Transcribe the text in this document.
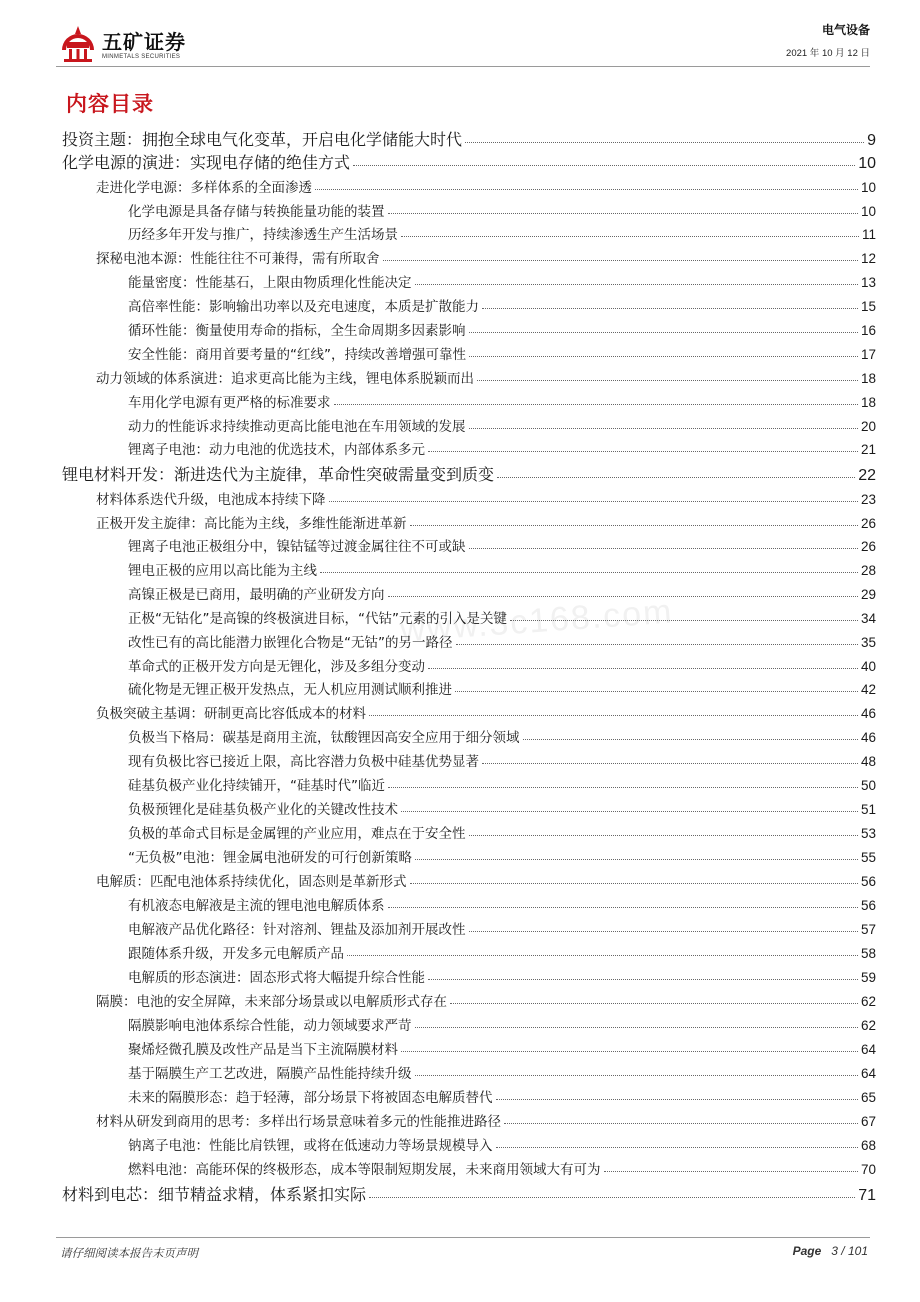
五矿证券
MINMETALS SECURITIES
电气设备
2021 年 10 月 12 日
内容目录
www.3c168.com
投资主题：拥抱全球电气化变革，开启电化学储能大时代	9
化学电源的演进：实现电存储的绝佳方式	10
走进化学电源：多样体系的全面渗透	10
化学电源是具备存储与转换能量功能的装置	10
历经多年开发与推广，持续渗透生产生活场景	11
探秘电池本源：性能往往不可兼得，需有所取舍	12
能量密度：性能基石，上限由物质理化性能决定	13
高倍率性能：影响输出功率以及充电速度，本质是扩散能力	15
循环性能：衡量使用寿命的指标，全生命周期多因素影响	16
安全性能：商用首要考量的“红线”，持续改善增强可靠性	17
动力领域的体系演进：追求更高比能为主线，锂电体系脱颖而出	18
车用化学电源有更严格的标准要求	18
动力的性能诉求持续推动更高比能电池在车用领域的发展	20
锂离子电池：动力电池的优选技术，内部体系多元	21
锂电材料开发：渐进迭代为主旋律，革命性突破需量变到质变	22
材料体系迭代升级，电池成本持续下降	23
正极开发主旋律：高比能为主线，多维性能渐进革新	26
锂离子电池正极组分中，镍钴锰等过渡金属往往不可或缺	26
锂电正极的应用以高比能为主线	28
高镍正极是已商用，最明确的产业研发方向	29
正极“无钴化”是高镍的终极演进目标，“代钴”元素的引入是关键	34
改性已有的高比能潜力嵌锂化合物是“无钴”的另一路径	35
革命式的正极开发方向是无锂化，涉及多组分变动	40
硫化物是无锂正极开发热点，无人机应用测试顺利推进	42
负极突破主基调：研制更高比容低成本的材料	46
负极当下格局：碳基是商用主流，钛酸锂因高安全应用于细分领域	46
现有负极比容已接近上限，高比容潜力负极中硅基优势显著	48
硅基负极产业化持续铺开，“硅基时代”临近	50
负极预锂化是硅基负极产业化的关键改性技术	51
负极的革命式目标是金属锂的产业应用，难点在于安全性	53
“无负极”电池：锂金属电池研发的可行创新策略	55
电解质：匹配电池体系持续优化，固态则是革新形式	56
有机液态电解液是主流的锂电池电解质体系	56
电解液产品优化路径：针对溶剂、锂盐及添加剂开展改性	57
跟随体系升级，开发多元电解质产品	58
电解质的形态演进：固态形式将大幅提升综合性能	59
隔膜：电池的安全屏障，未来部分场景或以电解质形式存在	62
隔膜影响电池体系综合性能，动力领域要求严苛	62
聚烯烃微孔膜及改性产品是当下主流隔膜材料	64
基于隔膜生产工艺改进，隔膜产品性能持续升级	64
未来的隔膜形态：趋于轻薄，部分场景下将被固态电解质替代	65
材料从研发到商用的思考：多样出行场景意味着多元的性能推进路径	67
钠离子电池：性能比肩铁锂，或将在低速动力等场景规模导入	68
燃料电池：高能环保的终极形态，成本等限制短期发展，未来商用领域大有可为	70
材料到电芯：细节精益求精，体系紧扣实际	71
请仔细阅读本报告末页声明	Page 3 / 101
